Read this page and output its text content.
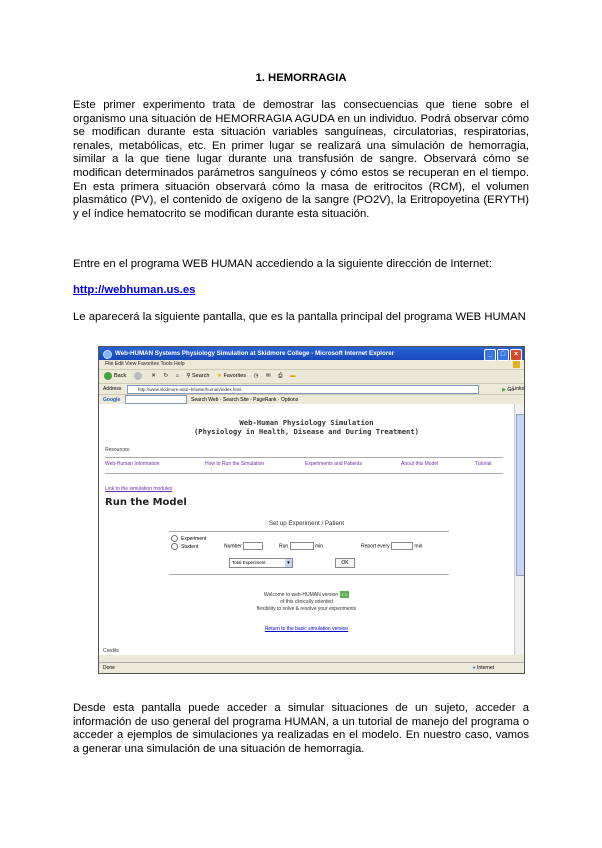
1. HEMORRAGIA
Este primer experimento trata de demostrar las consecuencias que tiene sobre el organismo una situación de HEMORRAGIA AGUDA en un individuo. Podrá observar cómo se modifican durante esta situación variables sanguíneas, circulatorias, respiratorias, renales, metabólicas, etc. En primer lugar se realizará una simulación de hemorragia, similar a la que tiene lugar durante una transfusión de sangre. Observará cómo se modifican determinados parámetros sanguíneos y cómo estos se recuperan en el tiempo. En esta primera situación observará cómo la masa de eritrocitos (RCM), el volumen plasmático (PV), el contenido de oxígeno de la sangre (PO2V), la Eritropoyetina (ERYTH) y el índice hematocrito se modifican durante esta situación.
Entre en el programa WEB HUMAN accediendo a la siguiente dirección de Internet:
http://webhuman.us.es
Le aparecerá la siguiente pantalla, que es la pantalla principal del programa WEB HUMAN
Web-HUMAN Systems Physiology Simulation at Skidmore College - Microsoft Internet Explorer	_ □ ×
File Edit View Favorites Tools Help
Back	✕ ↻ ⌂ ⚲ Search ★ Favorites ◷ ✉ ⎙ ▬
Address	http://www.skidmore.edu/~hfoster/human/index.html	▶ Go
Links
Google	Search Web · Search Site · PageRank · Options
Web-Human Physiology Simulation
(Physiology in Health, Disease and During Treatment)
Resources:
Web-Human Information	How to Run the Simulation	Experiments and Patients	About this Model	Tutorial
Link to the simulation modules
Run the Model
Set up Experiment / Patient
Experiment
Student	Number	Run	min	Report every	min
Total Experiment	▼	OK
Welcome to web-HUMAN version 1.0
of this clinically oriented
flexibility to solve & resolve your experiments
Return to the basic simulation version
Credits
Done	● Internet
Desde esta pantalla puede acceder a simular situaciones de un sujeto, acceder a información de uso general del programa HUMAN, a un tutorial de manejo del programa o acceder a ejemplos de simulaciones ya realizadas en el modelo. En nuestro caso, vamos a generar una simulación de una situación de hemorragia.
